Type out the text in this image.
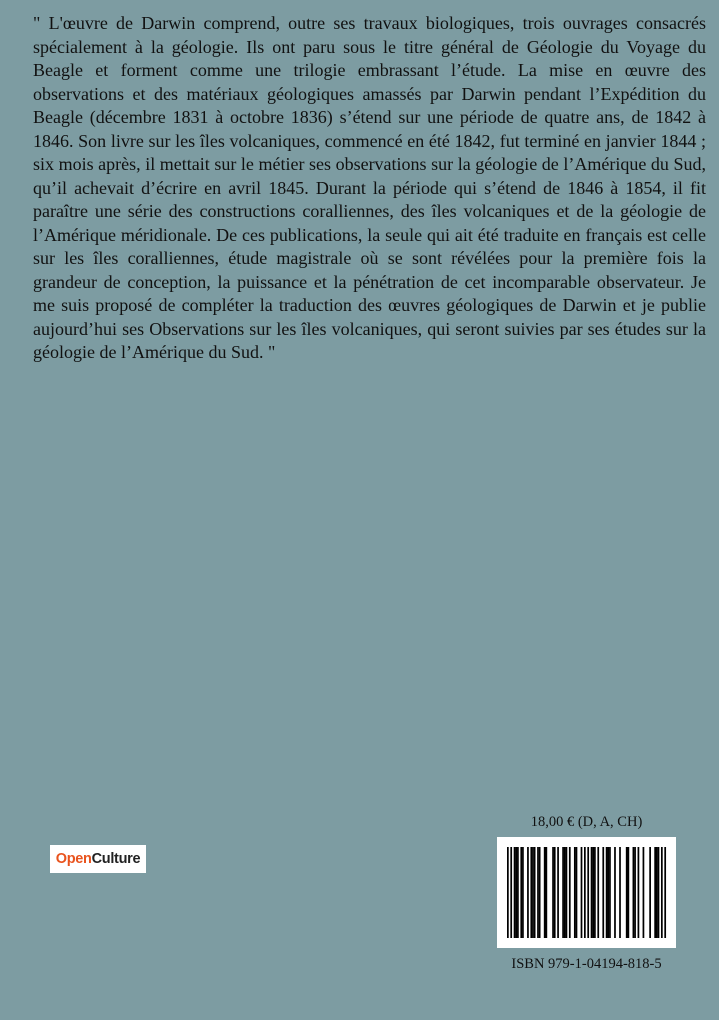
" L'œuvre de Darwin comprend, outre ses travaux biologiques, trois ouvrages consacrés spécialement à la géologie. Ils ont paru sous le titre général de Géologie du Voyage du Beagle et forment comme une trilogie embrassant l’étude. La mise en œuvre des observations et des matériaux géologiques amassés par Darwin pendant l’Expédition du Beagle (décembre 1831 à octobre 1836) s’étend sur une période de quatre ans, de 1842 à 1846. Son livre sur les îles volcaniques, commencé en été 1842, fut terminé en janvier 1844 ; six mois après, il mettait sur le métier ses observations sur la géologie de l’Amérique du Sud, qu’il achevait d’écrire en avril 1845. Durant la période qui s’étend de 1846 à 1854, il fit paraître une série des constructions coralliennes, des îles volcaniques et de la géologie de l’Amérique méridionale. De ces publications, la seule qui ait été traduite en français est celle sur les îles coralliennes, étude magistrale où se sont révélées pour la première fois la grandeur de conception, la puissance et la pénétration de cet incomparable observateur. Je me suis proposé de compléter la traduction des œuvres géologiques de Darwin et je publie aujourd’hui ses Observations sur les îles volcaniques, qui seront suivies par ses études sur la géologie de l’Amérique du Sud. "

OpenCulture
18,00 € (D, A, CH)
ISBN 979-1-04194-818-5
